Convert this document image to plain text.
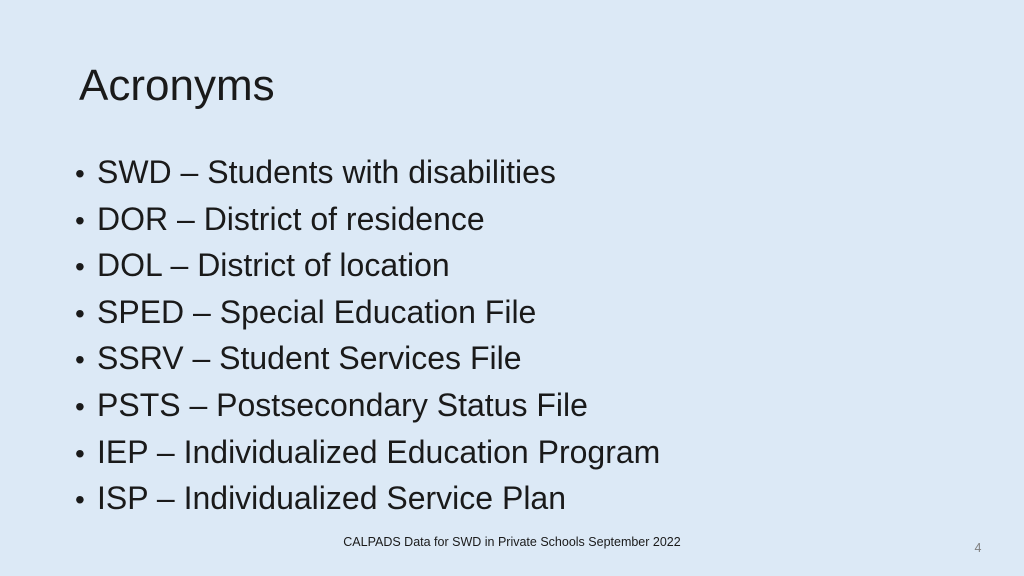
Acronyms
• SWD – Students with disabilities
• DOR – District of residence
• DOL – District of location
• SPED – Special Education File
• SSRV – Student Services File
• PSTS – Postsecondary Status File
• IEP – Individualized Education Program
• ISP – Individualized Service Plan
CALPADS Data for SWD in Private Schools September 2022	4
